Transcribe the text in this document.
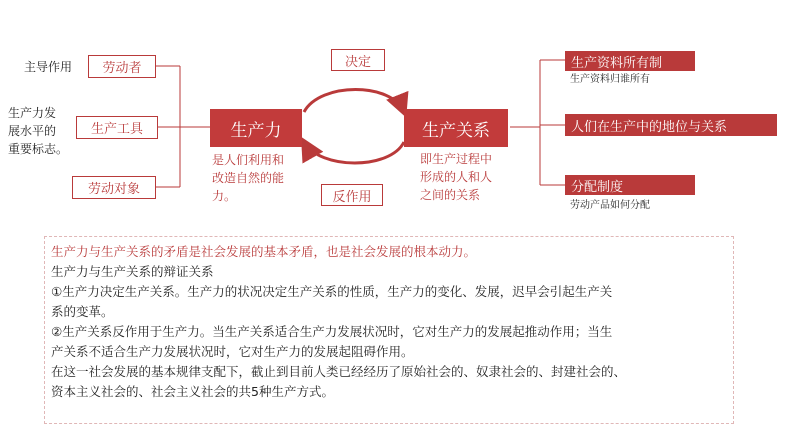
主导作用
生产力发
展水平的
重要标志。
劳动者
生产工具
劳动对象
生产力	生产关系
决定
反作用
是人们利用和
改造自然的能
力。
即生产过程中
形成的人和人
之间的关系
生产资料所有制
生产资料归谁所有
人们在生产中的地位与关系
分配制度
劳动产品如何分配

生产力与生产关系的矛盾是社会发展的基本矛盾，也是社会发展的根本动力。

生产力与生产关系的辩证关系

①生产力决定生产关系。生产力的状况决定生产关系的性质，生产力的变化、发展，迟早会引起生产关

系的变革。

②生产关系反作用于生产力。当生产关系适合生产力发展状况时，它对生产力的发展起推动作用；当生

产关系不适合生产力发展状况时，它对生产力的发展起阻碍作用。

在这一社会发展的基本规律支配下，截止到目前人类已经经历了原始社会的、奴隶社会的、封建社会的、

资本主义社会的、社会主义社会的共5种生产方式。
